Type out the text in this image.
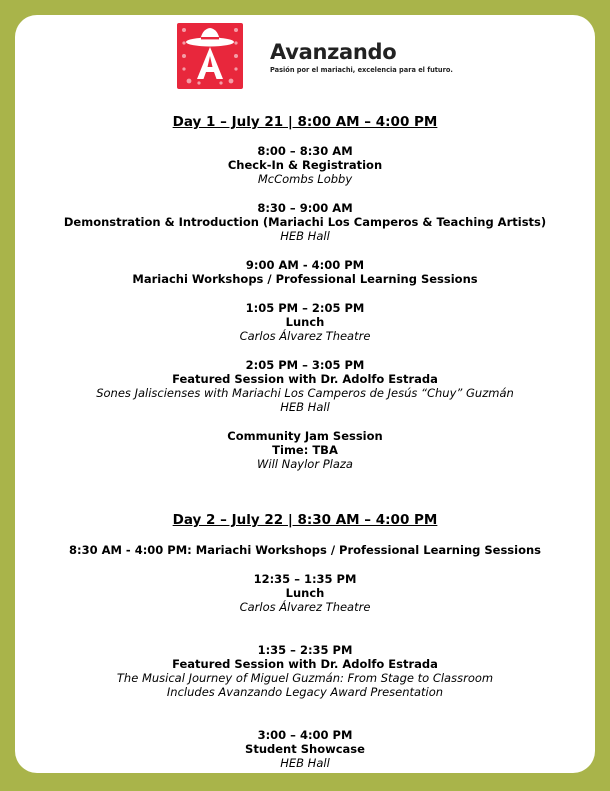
Avanzando
Pasión por el mariachi, excelencia para el futuro.
Day 1 – July 21 | 8:00 AM – 4:00 PM
8:00 – 8:30 AM
Check-In & Registration
McCombs Lobby
8:30 – 9:00 AM
Demonstration & Introduction (Mariachi Los Camperos & Teaching Artists)
HEB Hall
9:00 AM - 4:00 PM
Mariachi Workshops / Professional Learning Sessions
1:05 PM – 2:05 PM
Lunch
Carlos Álvarez Theatre
2:05 PM – 3:05 PM
Featured Session with Dr. Adolfo Estrada
Sones Jaliscienses with Mariachi Los Camperos de Jesús “Chuy” Guzmán
HEB Hall
Community Jam Session
Time: TBA
Will Naylor Plaza
Day 2 – July 22 | 8:30 AM – 4:00 PM
8:30 AM - 4:00 PM: Mariachi Workshops / Professional Learning Sessions
12:35 – 1:35 PM
Lunch
Carlos Álvarez Theatre
1:35 – 2:35 PM
Featured Session with Dr. Adolfo Estrada
The Musical Journey of Miguel Guzmán: From Stage to Classroom
Includes Avanzando Legacy Award Presentation
3:00 – 4:00 PM
Student Showcase
HEB Hall
